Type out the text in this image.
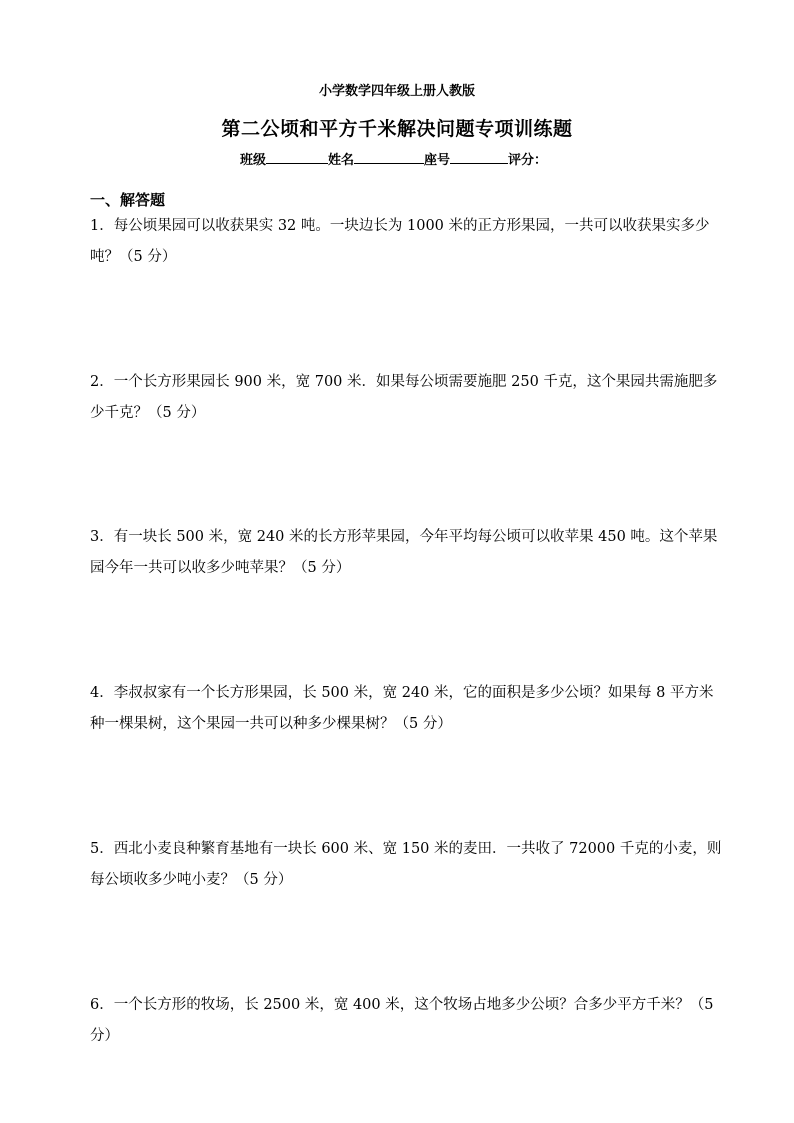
小学数学四年级上册人教版
第二公顷和平方千米解决问题专项训练题
班级	姓名	座号	评分：
一、解答题
1．每公顷果园可以收获果实 32 吨。一块边长为 1000 米的正方形果园，一共可以收获果实多少
吨？（5 分）
2．一个长方形果园长 900 米，宽 700 米．如果每公顷需要施肥 250 千克，这个果园共需施肥多
少千克？（5 分）
3．有一块长 500 米，宽 240 米的长方形苹果园，今年平均每公顷可以收苹果 450 吨。这个苹果
园今年一共可以收多少吨苹果？（5 分）
4．李叔叔家有一个长方形果园，长 500 米，宽 240 米，它的面积是多少公顷？如果每 8 平方米
种一棵果树，这个果园一共可以种多少棵果树？（5 分）
5．西北小麦良种繁育基地有一块长 600 米、宽 150 米的麦田．一共收了 72000 千克的小麦，则
每公顷收多少吨小麦？（5 分）
6．一个长方形的牧场，长 2500 米，宽 400 米，这个牧场占地多少公顷？合多少平方千米？（5
分）
